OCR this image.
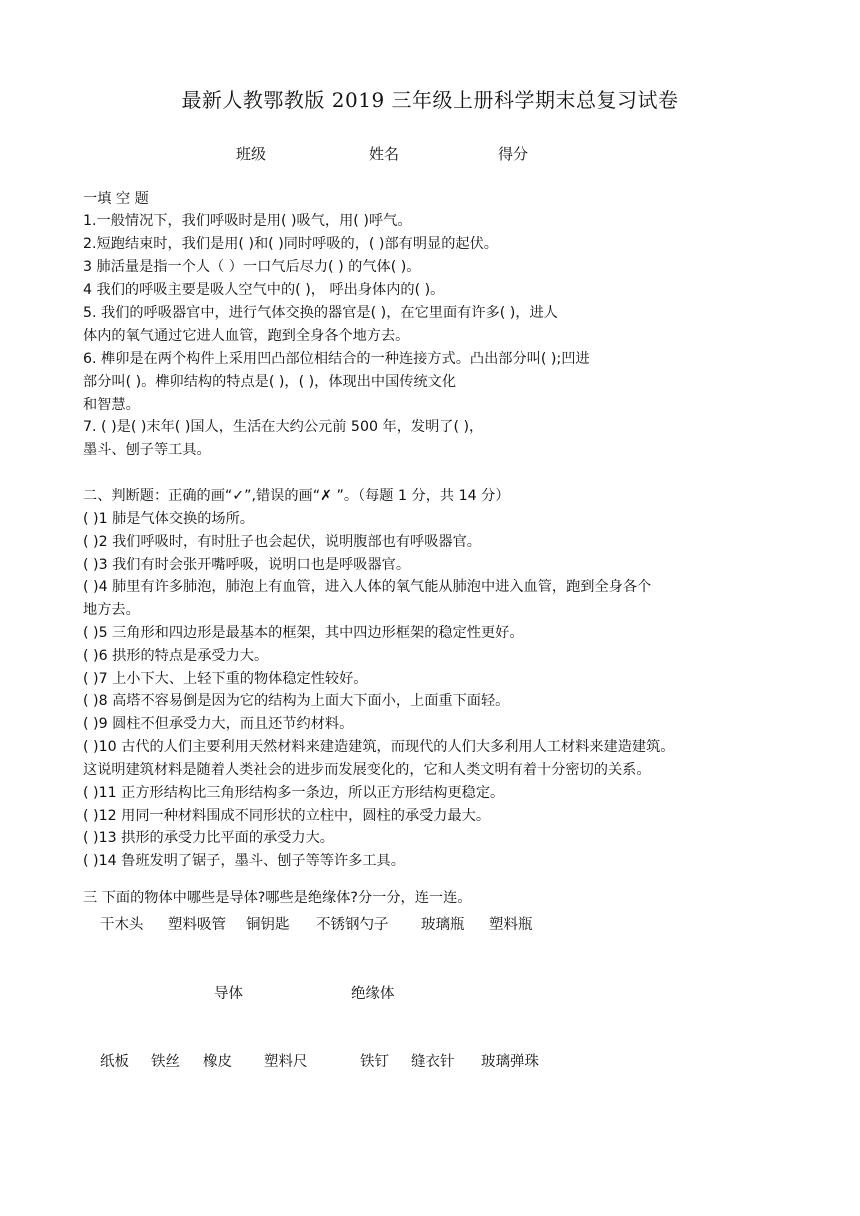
最新人教鄂教版 2019 三年级上册科学期末总复习试卷
班级	姓名	得分
一填 空 题
1.一般情况下，我们呼吸时是用( )吸气，用( )呼气。
2.短跑结束时，我们是用( )和( )同时呼吸的，( )部有明显的起伏。
3 肺活量是指一个人（ ）一口气后尽力( ) 的气体( )。
4 我们的呼吸主要是吸人空气中的( )， 呼出身体内的( )。
5. 我们的呼吸器官中，进行气体交换的器官是( )，在它里面有许多( )，进人
体内的氧气通过它进人血管，跑到全身各个地方去。
6. 榫卯是在两个构件上采用凹凸部位相结合的一种连接方式。凸出部分叫( );凹进
部分叫( )。榫卯结构的特点是( )，( )，体现出中国传统文化
和智慧。
7. ( )是( )末年( )国人，生活在大约公元前 500 年，发明了( )，
墨斗、刨子等工具。
二、判断题：正确的画“✓”,错误的画“✗ ”。（每题 1 分，共 14 分）
( )1 肺是气体交换的场所。
( )2 我们呼吸时，有时肚子也会起伏，说明腹部也有呼吸器官。
( )3 我们有时会张开嘴呼吸，说明口也是呼吸器官。
( )4 肺里有许多肺泡，肺泡上有血管，进入人体的氧气能从肺泡中进入血管，跑到全身各个
地方去。
( )5 三角形和四边形是最基本的框架，其中四边形框架的稳定性更好。
( )6 拱形的特点是承受力大。
( )7 上小下大、上轻下重的物体稳定性较好。
( )8 高塔不容易倒是因为它的结构为上面大下面小，上面重下面轻。
( )9 圆柱不但承受力大，而且还节约材料。
( )10 古代的人们主要利用天然材料来建造建筑，而现代的人们大多利用人工材料来建造建筑。
这说明建筑材料是随着人类社会的进步而发展变化的，它和人类文明有着十分密切的关系。
( )11 正方形结构比三角形结构多一条边，所以正方形结构更稳定。
( )12 用同一种材料围成不同形状的立柱中，圆柱的承受力最大。
( )13 拱形的承受力比平面的承受力大。
( )14 鲁班发明了锯子，墨斗、刨子等等许多工具。
三 下面的物体中哪些是导体?哪些是绝缘体?分一分，连一连。
干木头 塑料吸管 铜钥匙 不锈钢勺子 玻璃瓶 塑料瓶
导体	绝缘体
纸板 铁丝 橡皮 塑料尺	铁钉 缝衣针 玻璃弹珠
